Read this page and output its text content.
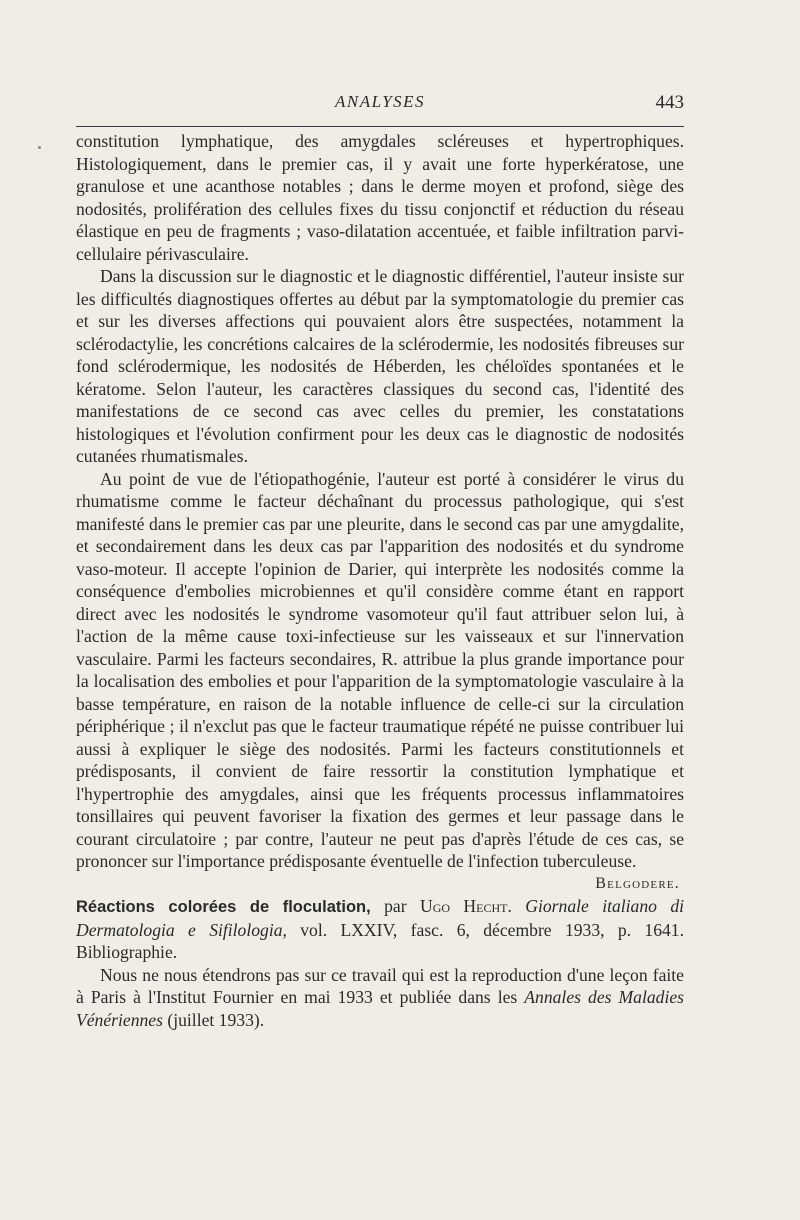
ANALYSES	443

constitution lymphatique, des amygdales scléreuses et hypertrophiques. Histologiquement, dans le premier cas, il y avait une forte hyperkératose, une granulose et une acanthose notables ; dans le derme moyen et profond, siège des nodosités, prolifération des cellules fixes du tissu conjonctif et réduction du réseau élastique en peu de fragments ; vaso-dilatation accentuée, et faible infiltration parvi-cellulaire périvasculaire.

Dans la discussion sur le diagnostic et le diagnostic différentiel, l'auteur insiste sur les difficultés diagnostiques offertes au début par la symptomatologie du premier cas et sur les diverses affections qui pouvaient alors être suspectées, notamment la sclérodactylie, les concrétions calcaires de la sclérodermie, les nodosités fibreuses sur fond sclérodermique, les nodosités de Héberden, les chéloïdes spontanées et le kératome. Selon l'auteur, les caractères classiques du second cas, l'identité des manifestations de ce second cas avec celles du premier, les constatations histologiques et l'évolution confirment pour les deux cas le diagnostic de nodosités cutanées rhumatismales.

Au point de vue de l'étiopathogénie, l'auteur est porté à considérer le virus du rhumatisme comme le facteur déchaînant du processus pathologique, qui s'est manifesté dans le premier cas par une pleurite, dans le second cas par une amygdalite, et secondairement dans les deux cas par l'apparition des nodosités et du syndrome vaso-moteur. Il accepte l'opinion de Darier, qui interprète les nodosités comme la conséquence d'embolies microbiennes et qu'il considère comme étant en rapport direct avec les nodosités le syndrome vasomoteur qu'il faut attribuer selon lui, à l'action de la même cause toxi-infectieuse sur les vaisseaux et sur l'innervation vasculaire. Parmi les facteurs secondaires, R. attribue la plus grande importance pour la localisation des embolies et pour l'apparition de la symptomatologie vasculaire à la basse température, en raison de la notable influence de celle-ci sur la circulation périphérique ; il n'exclut pas que le facteur traumatique répété ne puisse contribuer lui aussi à expliquer le siège des nodosités. Parmi les facteurs constitutionnels et prédisposants, il convient de faire ressortir la constitution lymphatique et l'hypertrophie des amygdales, ainsi que les fréquents processus inflammatoires tonsillaires qui peuvent favoriser la fixation des germes et leur passage dans le courant circulatoire ; par contre, l'auteur ne peut pas d'après l'étude de ces cas, se prononcer sur l'importance prédisposante éventuelle de l'infection tuberculeuse.

Belgodere.

Réactions colorées de floculation, par Ugo Hecht. Giornale italiano di Dermatologia e Sifilologia, vol. LXXIV, fasc. 6, décembre 1933, p. 1641. Bibliographie.

Nous ne nous étendrons pas sur ce travail qui est la reproduction d'une leçon faite à Paris à l'Institut Fournier en mai 1933 et publiée dans les Annales des Maladies Vénériennes (juillet 1933).
